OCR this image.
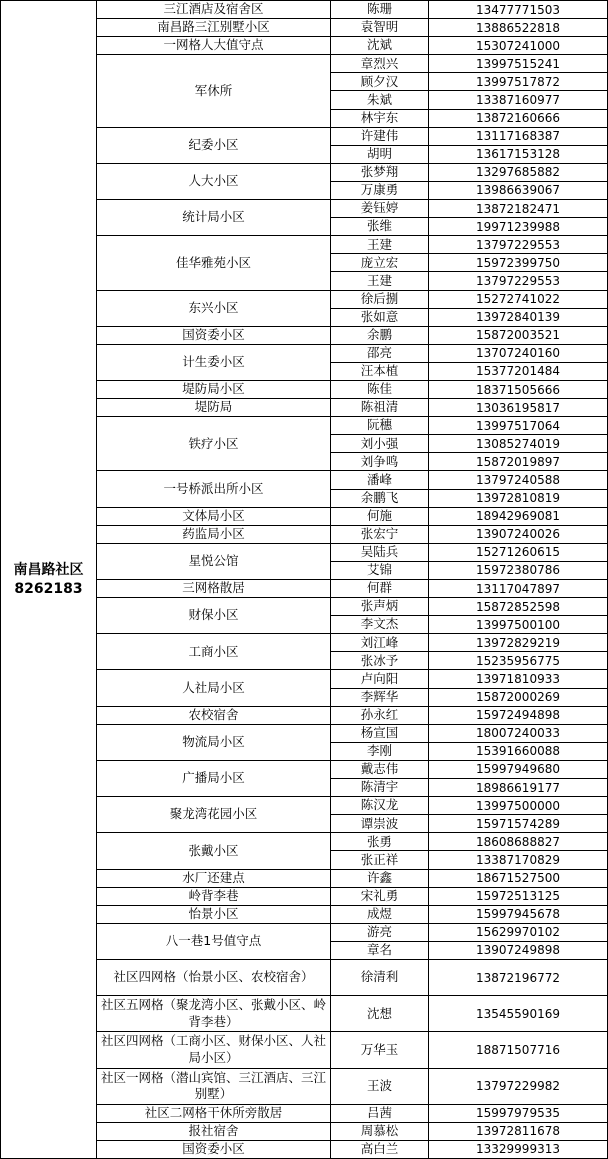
南昌路社区
8262183	三江酒店及宿舍区	陈珊	13477771503
	南昌路三江别墅小区	袁智明	13886522818
	一网格人大值守点	沈斌	15307241000
	军休所	章烈兴	13997515241
		顾夕汉	13997517872
		朱斌	13387160977
		林宇东	13872160666
	纪委小区	许建伟	13117168387
		胡明	13617153128
	人大小区	张梦翔	13297685882
		万康勇	13986639067
	统计局小区	姜钰婷	13872182471
		张维	19971239988
	佳华雅苑小区	王建	13797229553
		庞立宏	15972399750
		王建	13797229553
	东兴小区	徐后捌	15272741022
		张如意	13972840139
	国资委小区	余鹏	15872003521
	计生委小区	邵亮	13707240160
		汪本植	15377201484
	堤防局小区	陈佳	18371505666
	堤防局	陈祖清	13036195817
	铁疗小区	阮穗	13997517064
		刘小强	13085274019
		刘争鸣	15872019897
	一号桥派出所小区	潘峰	13797240588
		余鹏飞	13972810819
	文体局小区	何施	18942969081
	药监局小区	张宏宁	13907240026
	星悦公馆	吴陆兵	15271260615
		艾锦	15972380786
	三网格散居	何群	13117047897
	财保小区	张声炳	15872852598
		李文杰	13997500100
	工商小区	刘江峰	13972829219
		张冰予	15235956775
	人社局小区	卢向阳	13971810933
		李辉华	15872000269
	农校宿舍	孙永红	15972494898
	物流局小区	杨宣国	18007240033
		李刚	15391660088
	广播局小区	戴志伟	15997949680
		陈清宇	18986619177
	聚龙湾花园小区	陈汉龙	13997500000
		谭崇波	15971574289
	张戴小区	张勇	18608688827
		张正祥	13387170829
	水厂还建点	许鑫	18671527500
	岭背李巷	宋礼勇	15972513125
	怡景小区	成煜	15997945678
	八一巷1号值守点	游亮	15629970102
		章名	13907249898
	社区四网格（怡景小区、农校宿舍）	徐清利	13872196772
	社区五网格（聚龙湾小区、张戴小区、岭背李巷）	沈想	13545590169
	社区四网格（工商小区、财保小区、人社局小区）	万华玉	18871507716
	社区一网格（潜山宾馆、三江酒店、三江别墅）	王波	13797229982
	社区二网格干休所旁散居	吕茜	15997979535
	报社宿舍	周慕松	13972811678
	国资委小区	高白兰	13329999313
